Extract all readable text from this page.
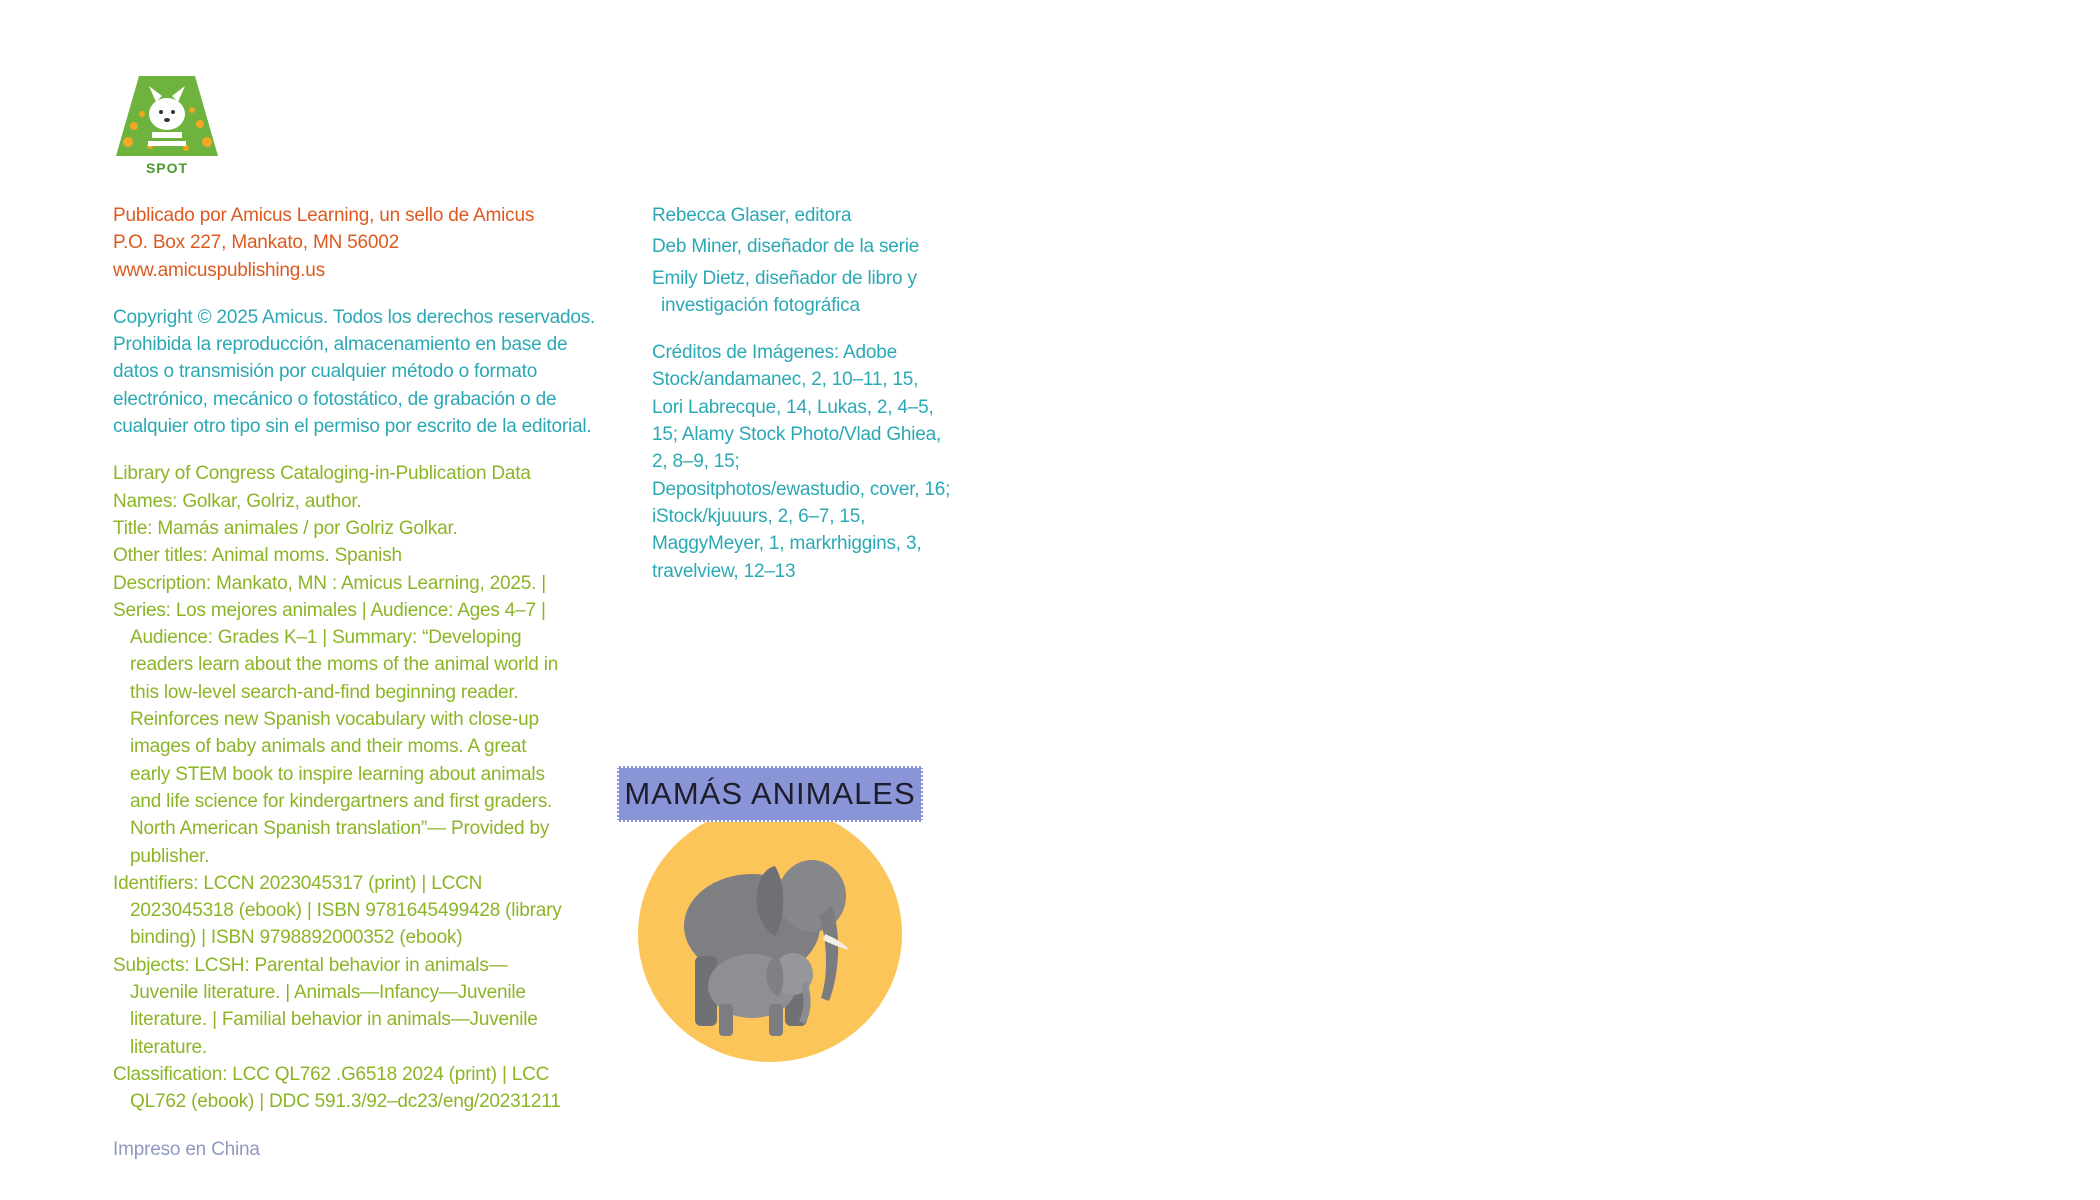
SPOT
Publicado por Amicus Learning, un sello de Amicus
P.O. Box 227, Mankato, MN 56002
www.amicuspublishing.us
Copyright © 2025 Amicus. Todos los derechos reservados.
Prohibida la reproducción, almacenamiento en base de
datos o transmisión por cualquier método o formato
electrónico, mecánico o fotostático, de grabación o de
cualquier otro tipo sin el permiso por escrito de la editorial.

Library of Congress Cataloging-in-Publication Data

Names: Golkar, Golriz, author.

Title: Mamás animales / por Golriz Golkar.

Other titles: Animal moms. Spanish

Description: Mankato, MN : Amicus Learning, 2025. |

Series: Los mejores animales | Audience: Ages 4–7 | Audience: Grades K–1 | Summary: “Developing readers learn about the moms of the animal world in this low-level search-and-find beginning reader. Reinforces new Spanish vocabulary with close-up images of baby animals and their moms. A great early STEM book to inspire learning about animals and life science for kindergartners and first graders. North American Spanish translation”— Provided by publisher.

Identifiers: LCCN 2023045317 (print) | LCCN 2023045318 (ebook) | ISBN 9781645499428 (library binding) | ISBN 9798892000352 (ebook)

Subjects: LCSH: Parental behavior in animals—Juvenile literature. | Animals—Infancy—Juvenile literature. | Familial behavior in animals—Juvenile literature.

Classification: LCC QL762 .G6518 2024 (print) | LCC QL762 (ebook) | DDC 591.3/92–dc23/eng/20231211

Impreso en China

Rebecca Glaser, editora

Deb Miner, diseñador de la serie

Emily Dietz, diseñador de libro y investigación fotográfica

Créditos de Imágenes: Adobe Stock/andamanec, 2, 10–11, 15, Lori Labrecque, 14, Lukas, 2, 4–5, 15; Alamy Stock Photo/Vlad Ghiea, 2, 8–9, 15; Depositphotos/ewastudio, cover, 16; iStock/kjuuurs, 2, 6–7, 15, MaggyMeyer, 1, markrhiggins, 3, travelview, 12–13

MAMÁS ANIMALES
